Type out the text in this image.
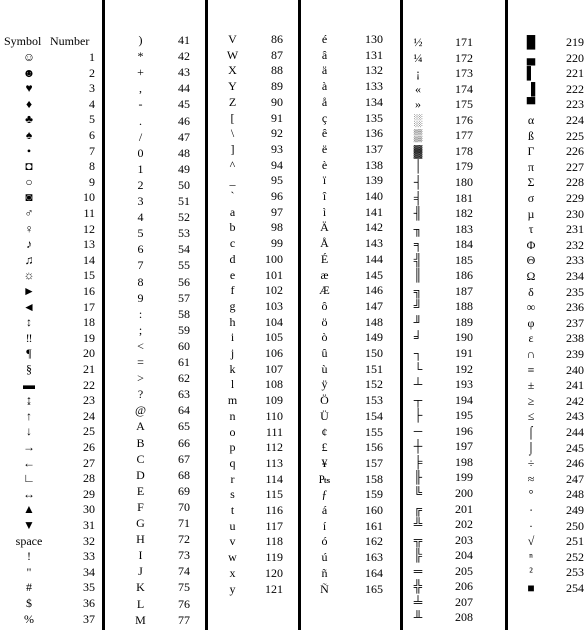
Symbol Number
☺	1
☻	2
♥	3
♦	4
♣	5
♠	6
•	7
◘	8
○	9
◙	10
♂	11
♀	12
♪	13
♫	14
☼	15
►	16
◄	17
↕	18
‼	19
¶	20
§	21
▬	22
↨	23
↑	24
↓	25
→	26
←	27
∟	28
↔	29
▲	30
▼	31
space	32
!	33
"	34
#	35
$	36
%	37
)	41
*	42
+	43
,	44
-	45
.	46
/	47
0	48
1	49
2	50
3	51
4	52
5	53
6	54
7	55
8	56
9	57
:	58
;	59
<	60
=	61
>	62
?	63
@	64
A	65
B	66
C	67
D	68
E	69
F	70
G	71
H	72
I	73
J	74
K	75
L	76
M	77
V	86
W	87
X	88
Y	89
Z	90
[	91
\	92
]	93
^	94
_	95
`	96
a	97
b	98
c	99
d	100
e	101
f	102
g	103
h	104
i	105
j	106
k	107
l	108
m	109
n	110
o	111
p	112
q	113
r	114
s	115
t	116
u	117
v	118
w	119
x	120
y	121
é	130
â	131
ä	132
à	133
å	134
ç	135
ê	136
ë	137
è	138
ï	139
î	140
ì	141
Ä	142
Å	143
É	144
æ	145
Æ	146
ô	147
ö	148
ò	149
û	150
ù	151
ÿ	152
Ö	153
Ü	154
¢	155
£	156
¥	157
₧	158
ƒ	159
á	160
í	161
ó	162
ú	163
ñ	164
Ñ	165
½	171
¼	172
¡	173
«	174
»	175
░	176
▒	177
▓	178
│	179
┤	180
╡	181
╢	182
╖	183
╕	184
╣	185
║	186
╗	187
╝	188
╜	189
╛	190
┐	191
└	192
┴	193
┬	194
├	195
─	196
┼	197
╞	198
╟	199
╚	200
╔	201
╩	202
╦	203
╠	204
═	205
╬	206
╧	207
╨	208
█	219
▄	220
▌	221
▐	222
▀	223
α	224
ß	225
Γ	226
π	227
Σ	228
σ	229
µ	230
τ	231
Φ	232
Θ	233
Ω	234
δ	235
∞	236
φ	237
ε	238
∩	239
≡	240
±	241
≥	242
≤	243
⌠	244
⌡	245
÷	246
≈	247
°	248
∙	249
·	250
√	251
ⁿ	252
²	253
■	254
